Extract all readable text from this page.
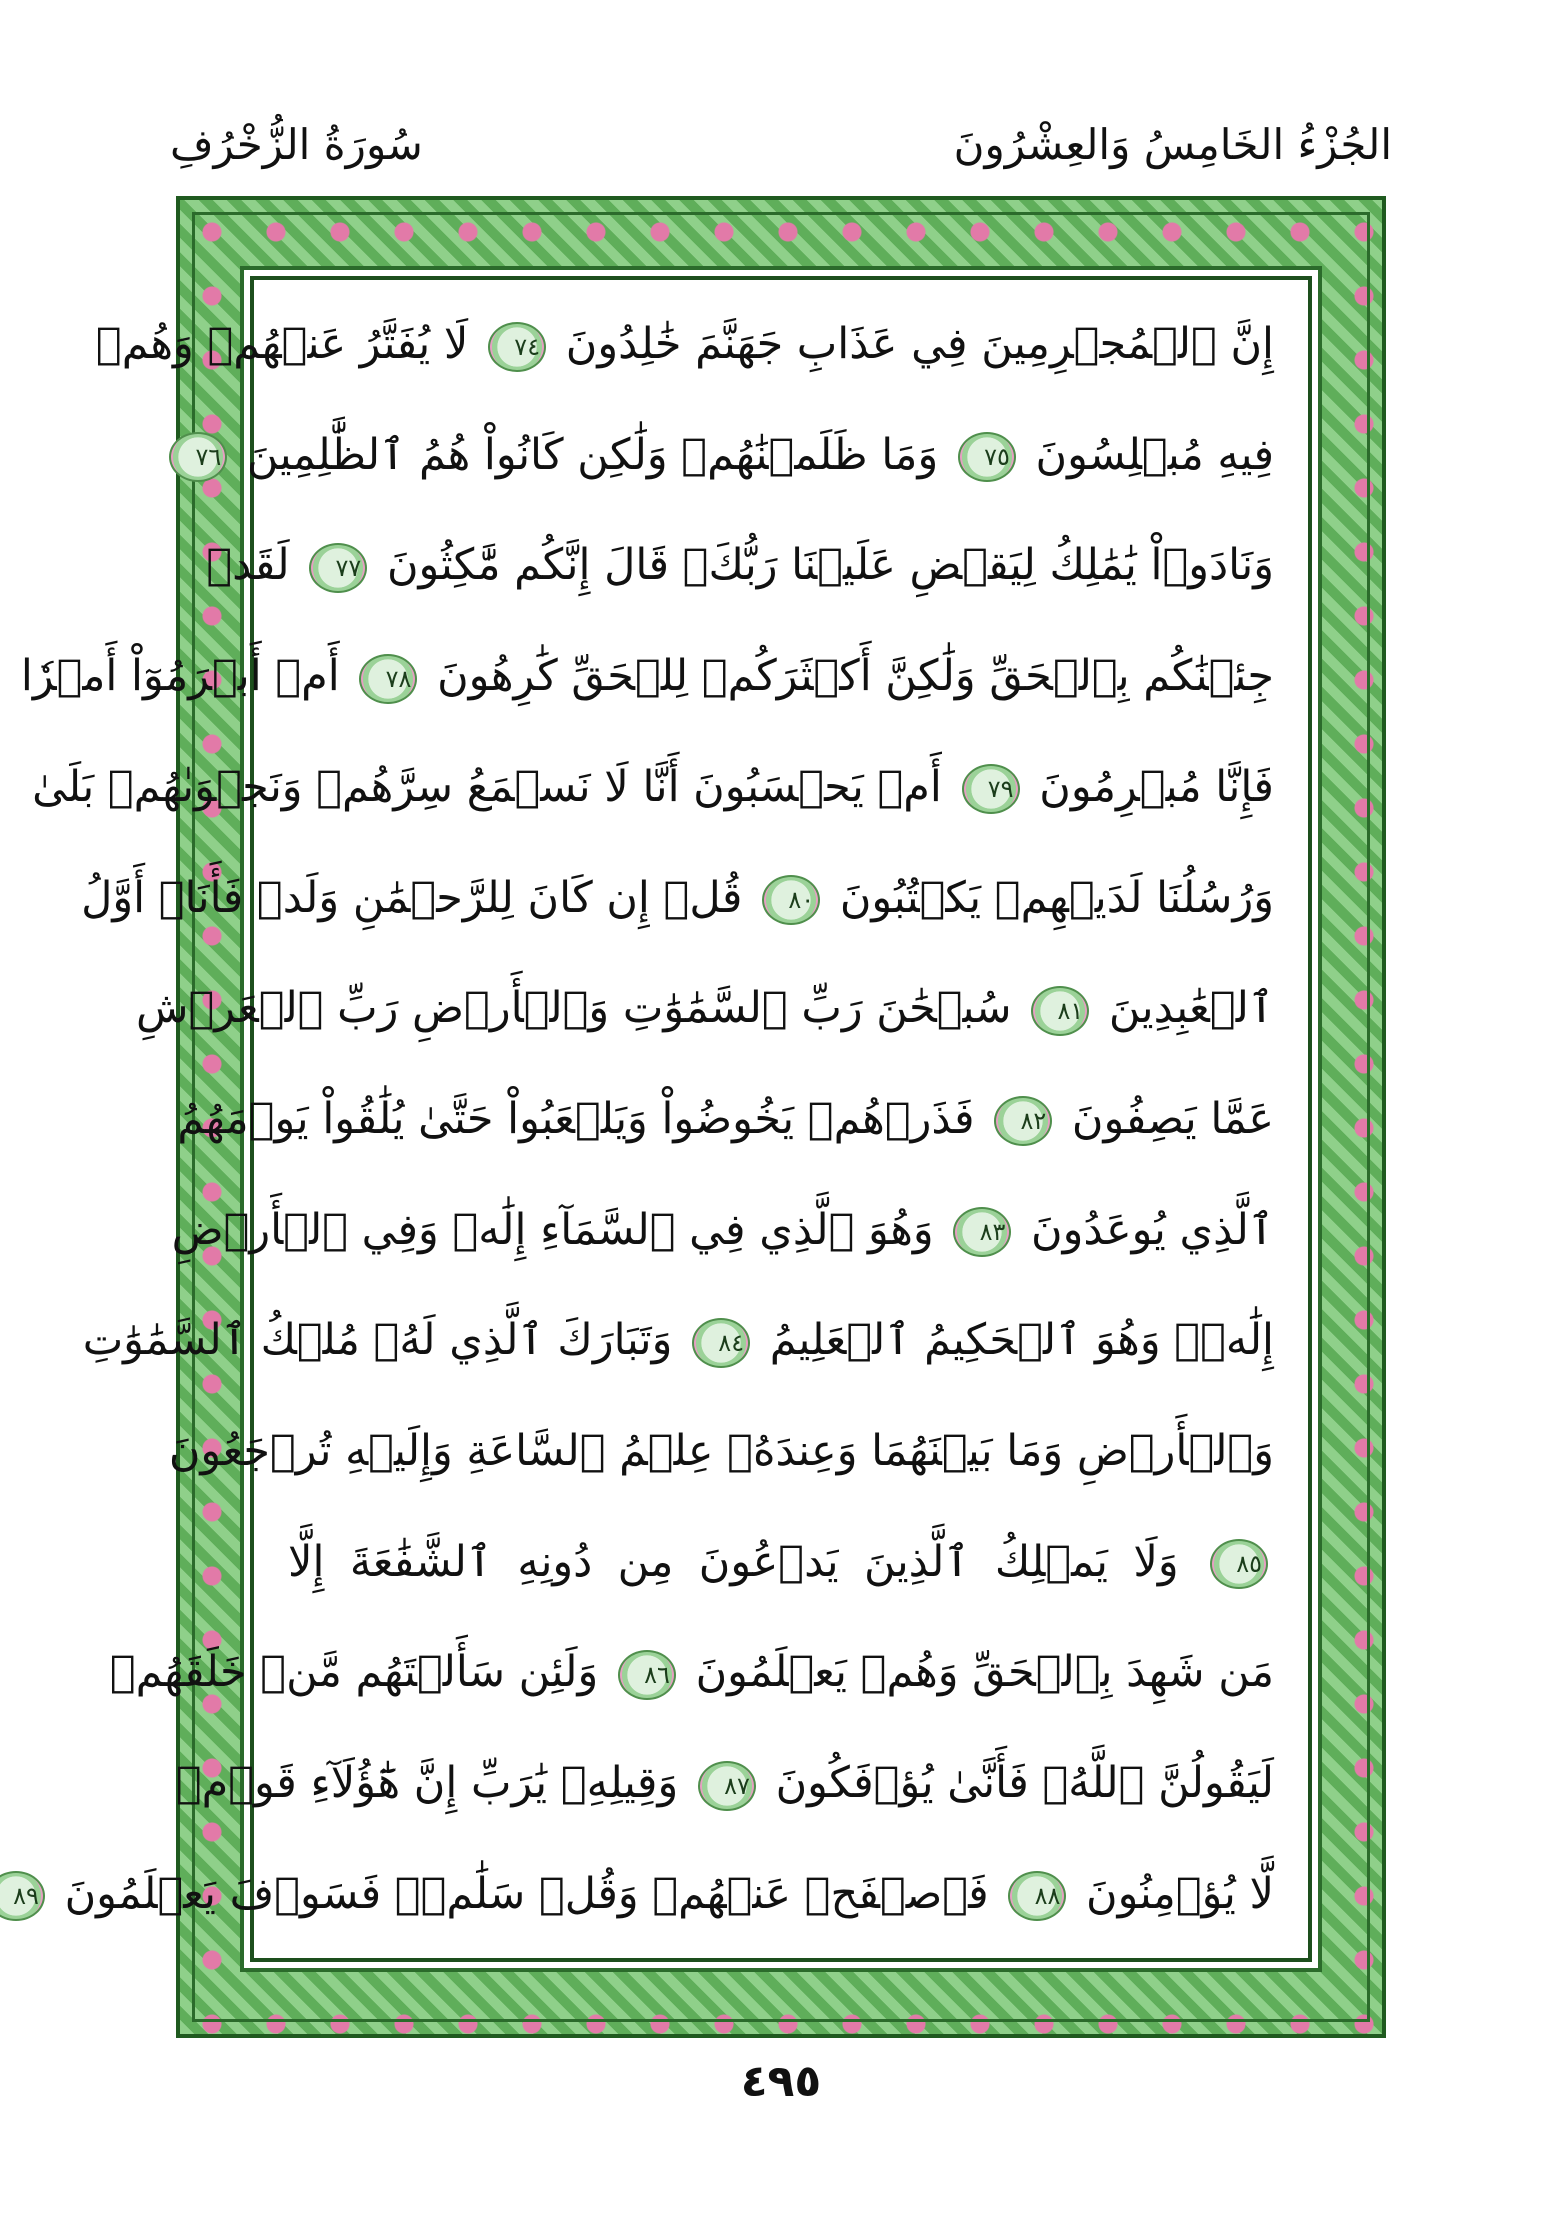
الجُزْءُ الخَامِسُ وَالعِشْرُونَ
سُورَةُ الزُّخْرُفِ
إِنَّ ٱلۡمُجۡرِمِينَ فِي عَذَابِ جَهَنَّمَ خَٰلِدُونَ ٧٤ لَا يُفَتَّرُ عَنۡهُمۡ وَهُمۡ
فِيهِ مُبۡلِسُونَ ٧٥ وَمَا ظَلَمۡنَٰهُمۡ وَلَٰكِن كَانُواْ هُمُ ٱلظَّٰلِمِينَ ٧٦
وَنَادَوۡاْ يَٰمَٰلِكُ لِيَقۡضِ عَلَيۡنَا رَبُّكَۖ قَالَ إِنَّكُم مَّٰكِثُونَ ٧٧ لَقَدۡ
جِئۡنَٰكُم بِٱلۡحَقِّ وَلَٰكِنَّ أَكۡثَرَكُمۡ لِلۡحَقِّ كَٰرِهُونَ ٧٨ أَمۡ أَبۡرَمُوٓاْ أَمۡرٗا
فَإِنَّا مُبۡرِمُونَ ٧٩ أَمۡ يَحۡسَبُونَ أَنَّا لَا نَسۡمَعُ سِرَّهُمۡ وَنَجۡوَىٰهُمۚ بَلَىٰ
وَرُسُلُنَا لَدَيۡهِمۡ يَكۡتُبُونَ ٨٠ قُلۡ إِن كَانَ لِلرَّحۡمَٰنِ وَلَدٞ فَأَنَا۠ أَوَّلُ
ٱلۡعَٰبِدِينَ ٨١ سُبۡحَٰنَ رَبِّ ٱلسَّمَٰوَٰتِ وَٱلۡأَرۡضِ رَبِّ ٱلۡعَرۡشِ
عَمَّا يَصِفُونَ ٨٢ فَذَرۡهُمۡ يَخُوضُواْ وَيَلۡعَبُواْ حَتَّىٰ يُلَٰقُواْ يَوۡمَهُمُ
ٱلَّذِي يُوعَدُونَ ٨٣ وَهُوَ ٱلَّذِي فِي ٱلسَّمَآءِ إِلَٰهٞ وَفِي ٱلۡأَرۡضِ
إِلَٰهٞۚ وَهُوَ ٱلۡحَكِيمُ ٱلۡعَلِيمُ ٨٤ وَتَبَارَكَ ٱلَّذِي لَهُۥ مُلۡكُ ٱلسَّمَٰوَٰتِ
وَٱلۡأَرۡضِ وَمَا بَيۡنَهُمَا وَعِندَهُۥ عِلۡمُ ٱلسَّاعَةِ وَإِلَيۡهِ تُرۡجَعُونَ
٨٥ وَلَا يَمۡلِكُ ٱلَّذِينَ يَدۡعُونَ مِن دُونِهِ ٱلشَّفَٰعَةَ إِلَّا
مَن شَهِدَ بِٱلۡحَقِّ وَهُمۡ يَعۡلَمُونَ ٨٦ وَلَئِن سَأَلۡتَهُم مَّنۡ خَلَقَهُمۡ
لَيَقُولُنَّ ٱللَّهُۖ فَأَنَّىٰ يُؤۡفَكُونَ ٨٧ وَقِيلِهِۦ يَٰرَبِّ إِنَّ هَٰٓؤُلَآءِ قَوۡمٞ
لَّا يُؤۡمِنُونَ ٨٨ فَٱصۡفَحۡ عَنۡهُمۡ وَقُلۡ سَلَٰمٞۚ فَسَوۡفَ يَعۡلَمُونَ ٨٩
٤٩٥
